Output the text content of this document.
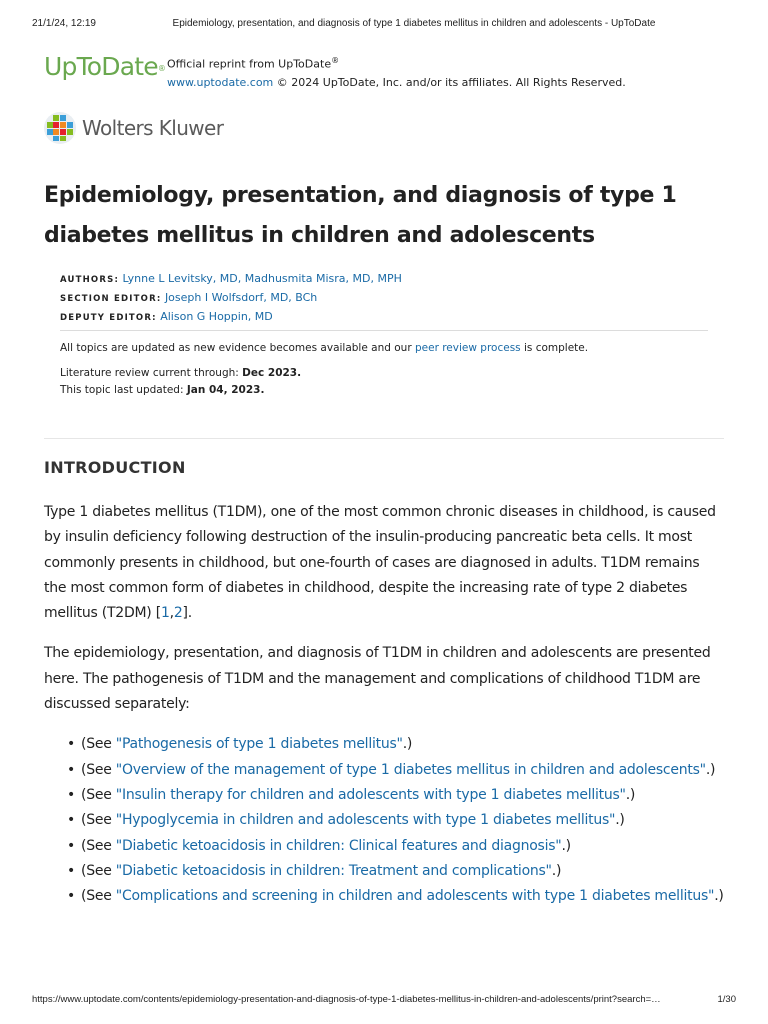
21/1/24, 12:19	Epidemiology, presentation, and diagnosis of type 1 diabetes mellitus in children and adolescents - UpToDate
UpToDate® Official reprint from UpToDate®
www.uptodate.com © 2024 UpToDate, Inc. and/or its affiliates. All Rights Reserved.
Wolters Kluwer
Epidemiology, presentation, and diagnosis of type 1 diabetes mellitus in children and adolescents
AUTHORS: Lynne L Levitsky, MD, Madhusmita Misra, MD, MPH
SECTION EDITOR: Joseph I Wolfsdorf, MD, BCh
DEPUTY EDITOR: Alison G Hoppin, MD
All topics are updated as new evidence becomes available and our peer review process is complete.
Literature review current through: Dec 2023.
This topic last updated: Jan 04, 2023.
INTRODUCTION

Type 1 diabetes mellitus (T1DM), one of the most common chronic diseases in childhood, is caused by insulin deficiency following destruction of the insulin-producing pancreatic beta cells. It most commonly presents in childhood, but one-fourth of cases are diagnosed in adults. T1DM remains the most common form of diabetes in childhood, despite the increasing rate of type 2 diabetes mellitus (T2DM) [1,2].

The epidemiology, presentation, and diagnosis of T1DM in children and adolescents are presented here. The pathogenesis of T1DM and the management and complications of childhood T1DM are discussed separately:

• (See "Pathogenesis of type 1 diabetes mellitus".)
• (See "Overview of the management of type 1 diabetes mellitus in children and adolescents".)
• (See "Insulin therapy for children and adolescents with type 1 diabetes mellitus".)
• (See "Hypoglycemia in children and adolescents with type 1 diabetes mellitus".)
• (See "Diabetic ketoacidosis in children: Clinical features and diagnosis".)
• (See "Diabetic ketoacidosis in children: Treatment and complications".)
• (See "Complications and screening in children and adolescents with type 1 diabetes mellitus".)
https://www.uptodate.com/contents/epidemiology-presentation-and-diagnosis-of-type-1-diabetes-mellitus-in-children-and-adolescents/print?search=…	1/30
